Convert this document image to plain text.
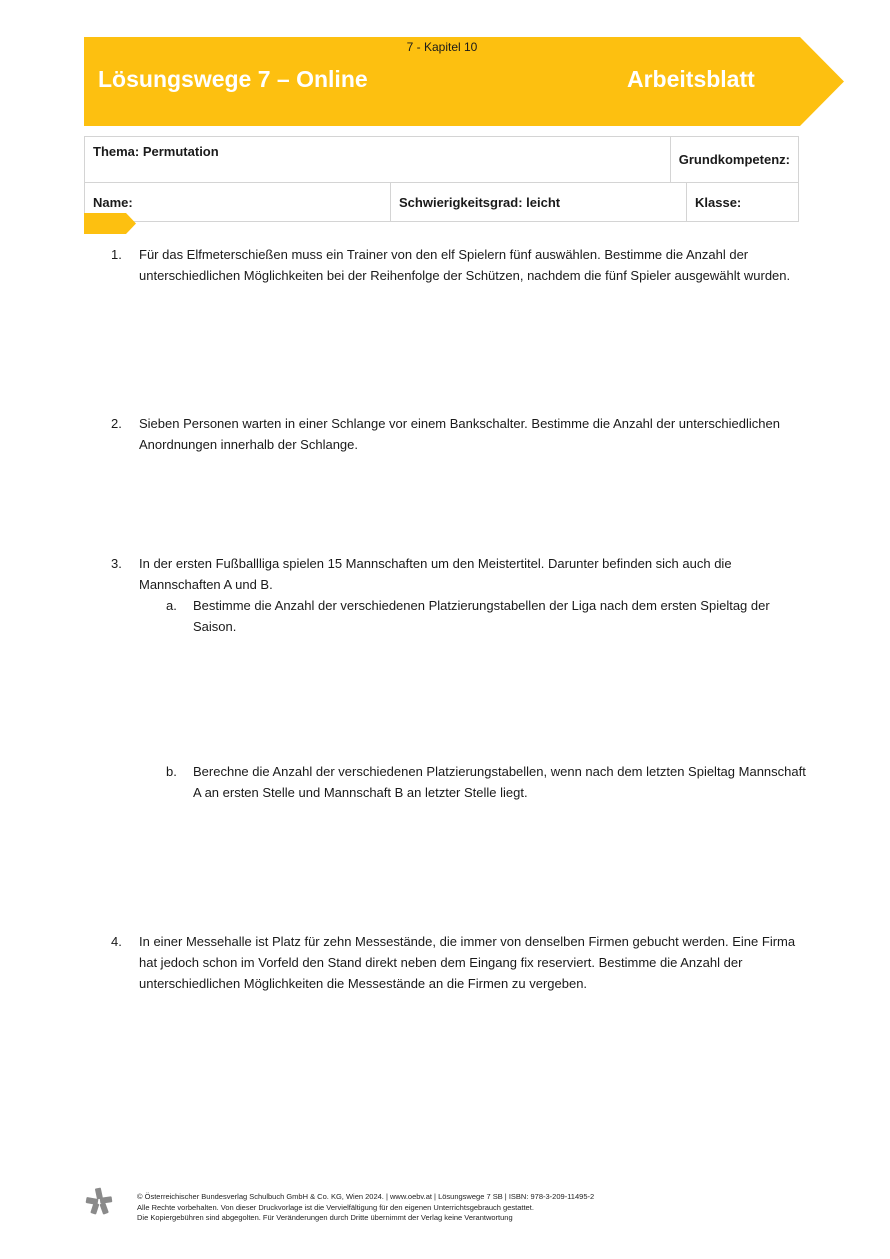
7 - Kapitel 10
Lösungswege 7 – Online	Arbeitsblatt
Thema: Permutation		Grundkompetenz:	
Name:	Schwierigkeitsgrad: leicht		Klasse:
1. Für das Elfmeterschießen muss ein Trainer von den elf Spielern fünf auswählen. Bestimme die Anzahl der unterschiedlichen Möglichkeiten bei der Reihenfolge der Schützen, nachdem die fünf Spieler ausgewählt wurden.
2. Sieben Personen warten in einer Schlange vor einem Bankschalter. Bestimme die Anzahl der unterschiedlichen Anordnungen innerhalb der Schlange.
3. In der ersten Fußballliga spielen 15 Mannschaften um den Meistertitel. Darunter befinden sich auch die Mannschaften A und B.
a. Bestimme die Anzahl der verschiedenen Platzierungstabellen der Liga nach dem ersten Spieltag der Saison.
b. Berechne die Anzahl der verschiedenen Platzierungstabellen, wenn nach dem letzten Spieltag Mannschaft A an ersten Stelle und Mannschaft B an letzter Stelle liegt.
4. In einer Messehalle ist Platz für zehn Messestände, die immer von denselben Firmen gebucht werden. Eine Firma hat jedoch schon im Vorfeld den Stand direkt neben dem Eingang fix reserviert. Bestimme die Anzahl der unterschiedlichen Möglichkeiten die Messestände an die Firmen zu vergeben.
© Österreichischer Bundesverlag Schulbuch GmbH & Co. KG, Wien 2024. | www.oebv.at | Lösungswege 7 SB | ISBN: 978-3-209-11495-2
Alle Rechte vorbehalten. Von dieser Druckvorlage ist die Vervielfältigung für den eigenen Unterrichtsgebrauch gestattet.
Die Kopiergebühren sind abgegolten. Für Veränderungen durch Dritte übernimmt der Verlag keine Verantwortung
